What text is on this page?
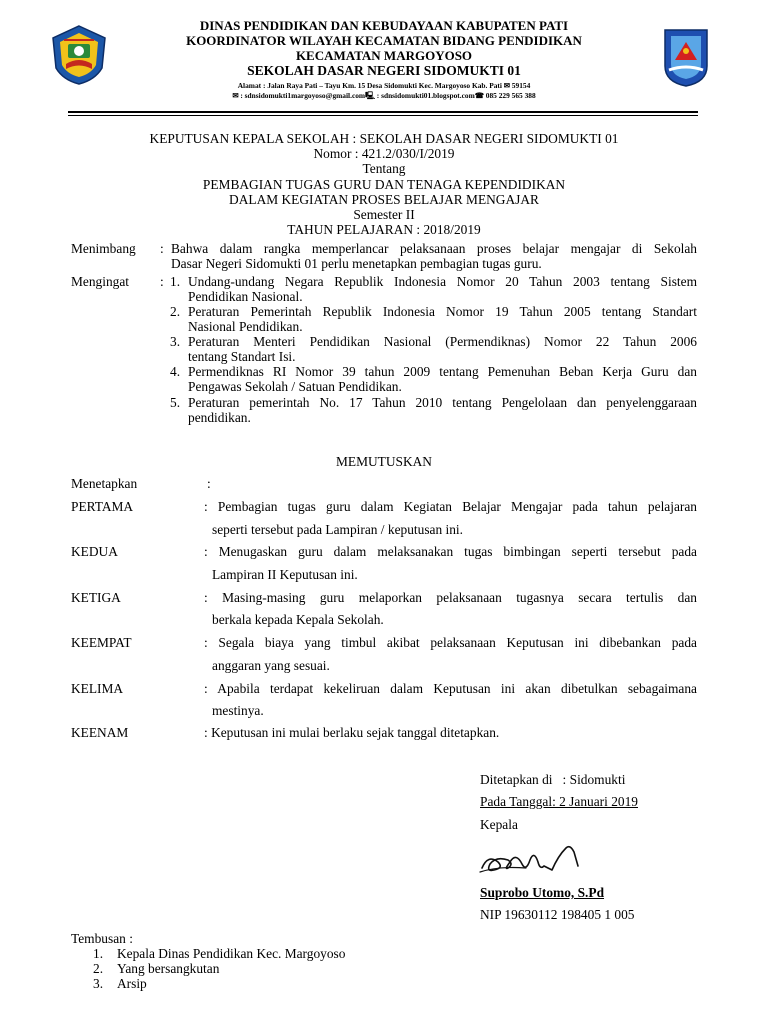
DINAS PENDIDIKAN DAN KEBUDAYAAN KABUPATEN PATI
KOORDINATOR WILAYAH KECAMATAN BIDANG PENDIDIKAN
KECAMATAN MARGOYOSO
SEKOLAH DASAR NEGERI SIDOMUKTI 01
Alamat : Jalan Raya Pati – Tayu Km. 15 Desa Sidomukti Kec. Margoyoso Kab. Pati ✉ 59154
✉ : sdnsidomukti1margoyoso@gmail.com🖳 : sdnsidomukti01.blogspot.com☎ 085 229 565 388
KEPUTUSAN KEPALA SEKOLAH : SEKOLAH DASAR NEGERI SIDOMUKTI 01
Nomor : 421.2/030/I/2019
Tentang
PEMBAGIAN TUGAS GURU DAN TENAGA KEPENDIDIKAN
DALAM KEGIATAN PROSES BELAJAR MENGAJAR
Semester II
TAHUN PELAJARAN : 2018/2019
Menimbang : Bahwa dalam rangka memperlancar pelaksanaan proses belajar mengajar di Sekolah
Dasar Negeri Sidomukti 01 perlu menetapkan pembagian tugas guru.
Mengingat : 1. Undang-undang Negara Republik Indonesia Nomor 20 Tahun 2003 tentang Sistem
Pendidikan Nasional.
2. Peraturan Pemerintah Republik Indonesia Nomor 19 Tahun 2005 tentang Standart
Nasional Pendidikan.
3. Peraturan Menteri Pendidikan Nasional (Permendiknas) Nomor 22 Tahun 2006
tentang Standart Isi.
4. Permendiknas RI Nomor 39 tahun 2009 tentang Pemenuhan Beban Kerja Guru dan
Pengawas Sekolah / Satuan Pendidikan.
5. Peraturan pemerintah No. 17 Tahun 2010 tentang Pengelolaan dan penyelenggaraan
pendidikan.
MEMUTUSKAN
Menetapkan	:
PERTAMA	: Pembagian tugas guru dalam Kegiatan Belajar Mengajar pada tahun pelajaran
seperti tersebut pada Lampiran / keputusan ini.
KEDUA	: Menugaskan guru dalam melaksanakan tugas bimbingan seperti tersebut pada
Lampiran II Keputusan ini.
KETIGA	: Masing-masing guru melaporkan pelaksanaan tugasnya secara tertulis dan
berkala kepada Kepala Sekolah.
KEEMPAT	: Segala biaya yang timbul akibat pelaksanaan Keputusan ini dibebankan pada
anggaran yang sesuai.
KELIMA	: Apabila terdapat kekeliruan dalam Keputusan ini akan dibetulkan sebagaimana
mestinya.
KEENAM	: Keputusan ini mulai berlaku sejak tanggal ditetapkan.
Ditetapkan di   : Sidomukti
Pada Tanggal: 2 Januari 2019
Kepala
Suprobo Utomo, S.Pd
NIP 19630112 198405 1 005
Tembusan :
1. Kepala Dinas Pendidikan Kec. Margoyoso
2. Yang bersangkutan
3. Arsip
